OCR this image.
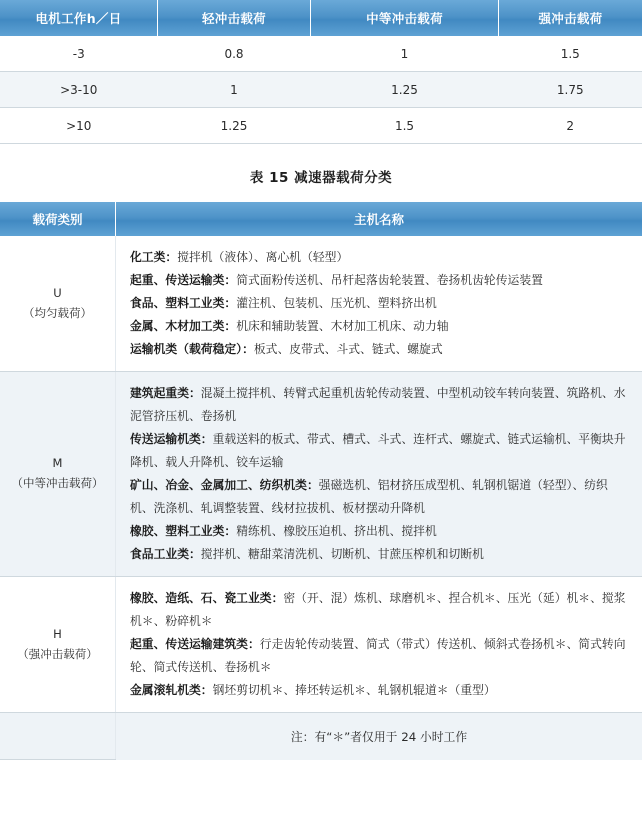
电机工作h／日	轻冲击载荷	中等冲击载荷	强冲击载荷
-3	0.8	1	1.5
>3-10	1	1.25	1.75
>10	1.25	1.5	2
表 15 减速器载荷分类
载荷类别	主机名称

U
（均匀载荷）

化工类：搅拌机（液体）、离心机（轻型）
起重、传送运输类：简式面粉传送机、吊杆起落齿轮装置、卷扬机齿轮传运装置
食品、塑料工业类：灌注机、包装机、压光机、塑料挤出机
金属、木材加工类：机床和辅助装置、木材加工机床、动力轴
运输机类（载荷稳定）：板式、皮带式、斗式、链式、螺旋式

M
（中等冲击载荷）

建筑起重类：混凝土搅拌机、转臂式起重机齿轮传动装置、中型机动铰车转向装置、筑路机、水泥管挤压机、卷扬机
传送运输机类：重载送料的板式、带式、槽式、斗式、连杆式、螺旋式、链式运输机、平衡块升降机、载人升降机、铰车运输
矿山、冶金、金属加工、纺织机类：强磁选机、铝材挤压成型机、轧钢机锯道（轻型）、纺织机、洗涤机、轧调整装置、线材拉拔机、板材摆动升降机
橡胶、塑料工业类：精练机、橡胶压迫机、挤出机、搅拌机
食品工业类：搅拌机、糖甜菜清洗机、切断机、甘蔗压榨机和切断机

H
（强冲击载荷）

橡胶、造纸、石、瓷工业类：密（开、混）炼机、球磨机＊、捏合机＊、压光（延）机＊、搅浆机＊、粉碎机＊
起重、传送运输建筑类：行走齿轮传动装置、简式（带式）传送机、倾斜式卷扬机＊、简式转向轮、简式传送机、卷扬机＊
金属滚轧机类：钢坯剪切机＊、捧坯转运机＊、轧钢机辊道＊（重型）

	注：有“＊”者仅用于 24 小时工作
